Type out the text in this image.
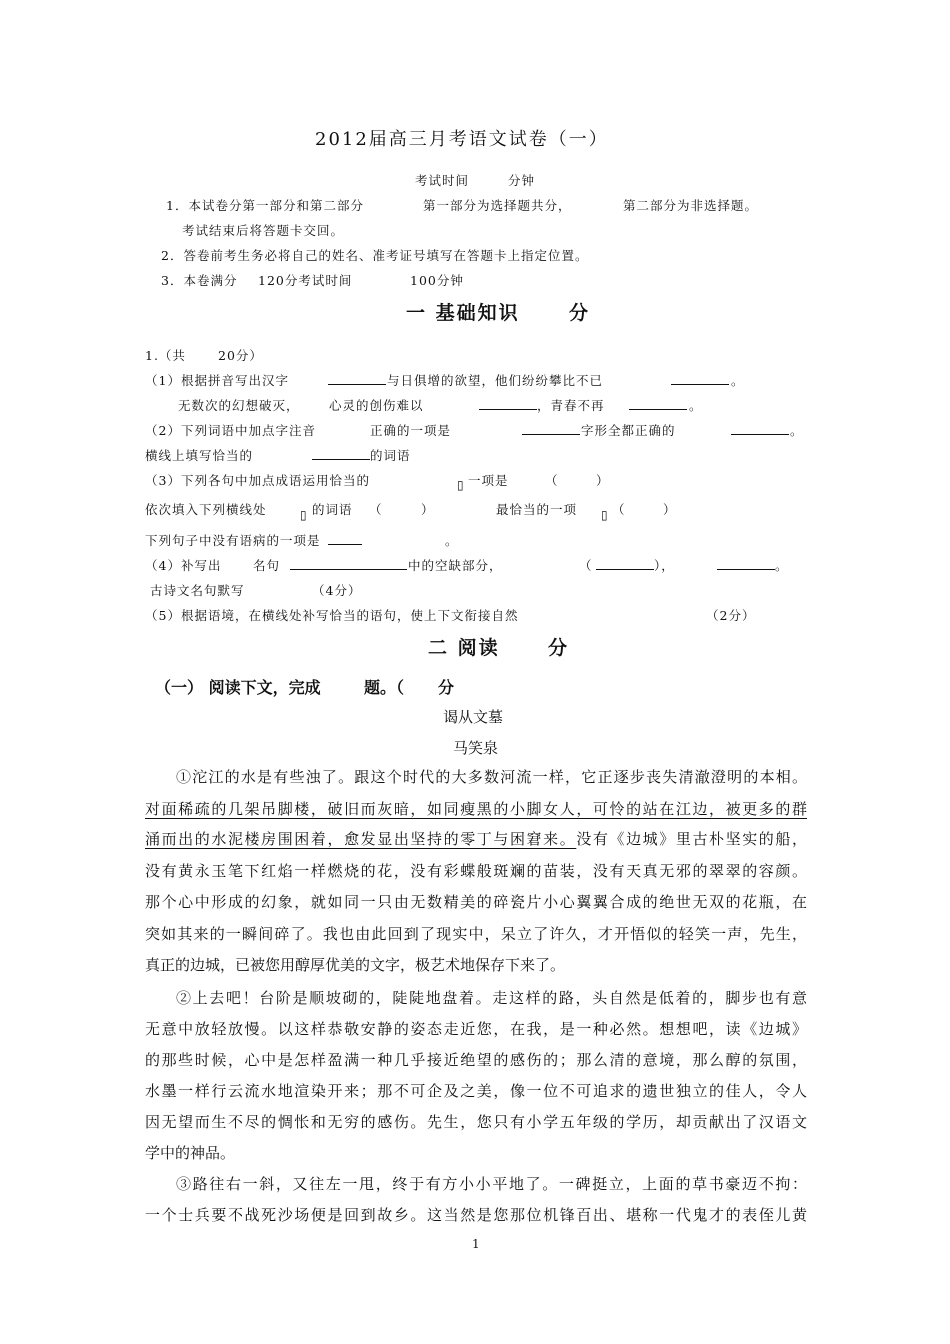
2012届高三月考语文试卷（一）
考试时间	分钟
1．本试卷分第一部分和第二部分	第一部分为选择题共分，	第二部分为非选择题。
考试结束后将答题卡交回。
2．答卷前考生务必将自己的姓名、准考证号填写在答题卡上指定位置。
3．本卷满分 120分考试时间	100分钟
一 基础知识	分
1.（共	20分）
（1）根据拼音写出汉字	与日俱增的欲望，他们纷纷攀比不已	。
无数次的幻想破灭， 心灵的创伤难以	，青春不再	。
（2）下列词语中加点字注音	正确的一项是	字形全都正确的	。
横线上填写恰当的	的词语
（3）下列各句中加点成语运用恰当的	▯ 一项是	（	）
依次填入下列横线处	▯ 的词语 （	）	最恰当的一项 ▯ （	）
下列句子中没有语病的一项是	。
（4）补写出	名句	中的空缺部分，	（	），	。
古诗文名句默写	（4分）
（5）根据语境，在横线处补写恰当的语句，使上下文衔接自然	（2分）
二 阅读	分
（一） 阅读下文，完成	题。（ 分
谒从文墓
马笑泉
①沱江的水是有些浊了。跟这个时代的大多数河流一样，它正逐步丧失清澈澄明的本相。
对面稀疏的几架吊脚楼，破旧而灰暗，如同瘦黑的小脚女人，可怜的站在江边，被更多的群
涌而出的水泥楼房围困着，愈发显出坚持的零丁与困窘来。没有《边城》里古朴坚实的船，
没有黄永玉笔下红焰一样燃烧的花，没有彩蝶般斑斓的苗装，没有天真无邪的翠翠的容颜。
那个心中形成的幻象，就如同一只由无数精美的碎瓷片小心翼翼合成的绝世无双的花瓶，在
突如其来的一瞬间碎了。我也由此回到了现实中，呆立了许久，才开悟似的轻笑一声，先生，
真正的边城，已被您用醇厚优美的文字，极艺术地保存下来了。
②上去吧！台阶是顺坡砌的，陡陡地盘着。走这样的路，头自然是低着的，脚步也有意
无意中放轻放慢。以这样恭敬安静的姿态走近您，在我，是一种必然。想想吧，读《边城》
的那些时候，心中是怎样盈满一种几乎接近绝望的感伤的；那么清的意境，那么醇的氛围，
水墨一样行云流水地渲染开来；那不可企及之美，像一位不可追求的遗世独立的佳人，令人
因无望而生不尽的惆怅和无穷的感伤。先生，您只有小学五年级的学历，却贡献出了汉语文
学中的神品。
③路往右一斜，又往左一甩，终于有方小小平地了。一碑挺立，上面的草书豪迈不拘：
一个士兵要不战死沙场便是回到故乡。这当然是您那位机锋百出、堪称一代鬼才的表侄儿黄
1
